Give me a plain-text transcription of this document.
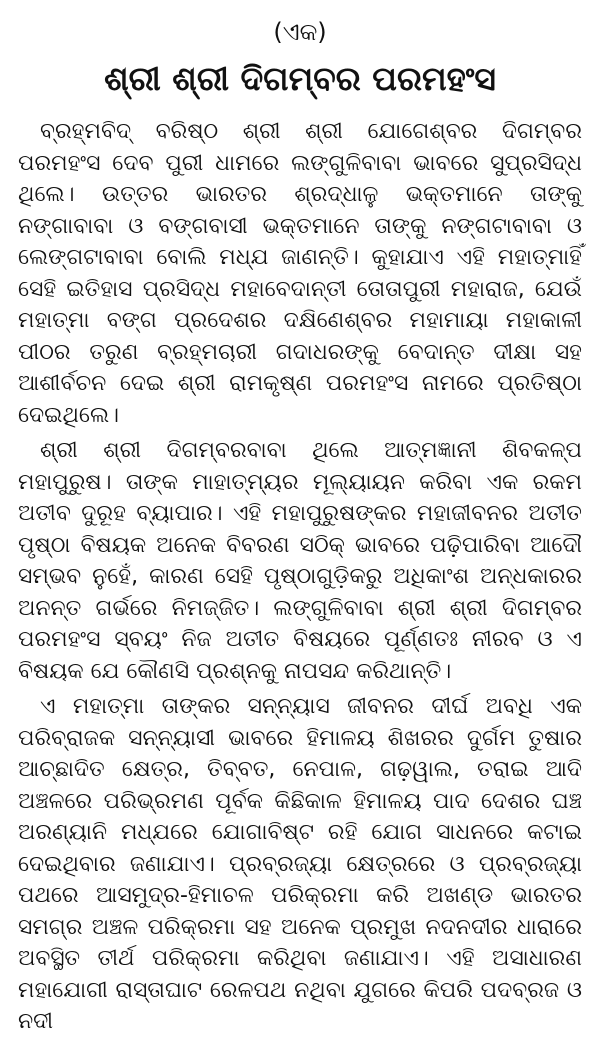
(ଏକ)
ଶ୍ରୀ ଶ୍ରୀ ଦିଗମ୍ବର ପରମହଂସ

ବ୍ରହ୍ମବିଦ୍ ବରିଷ୍ଠ ଶ୍ରୀ ଶ୍ରୀ ଯୋଗେଶ୍ବର ଦିଗମ୍ବର ପରମହଂସ ଦେବ ପୁରୀ ଧାମରେ ଲଙ୍ଗୁଳିବାବା ଭାବରେ ସୁପ୍ରସିଦ୍ଧ ଥିଲେ। ଉତ୍ତର ଭାରତର ଶ୍ରଦ୍ଧାଳୁ ଭକ୍ତମାନେ ତାଙ୍କୁ ନଙ୍ଗାବାବା ଓ ବଙ୍ଗବାସୀ ଭକ୍ତମାନେ ତାଙ୍କୁ ନଙ୍ଗଟାବାବା ଓ ଲେଙ୍ଗଟାବାବା ବୋଲି ମଧ୍ଯ ଜାଣନ୍ତି। କୁହାଯାଏ ଏହି ମହାତ୍ମାହିଁ ସେହି ଇତିହାସ ପ୍ରସିଦ୍ଧ ମହାବେଦାନ୍ତୀ ତୋତାପୁରୀ ମହାରାଜ, ଯେଉଁ ମହାତ୍ମା ବଙ୍ଗ ପ୍ରଦେଶର ଦକ୍ଷିଣେଶ୍ବର ମହାମାୟା ମହାକାଳୀ ପୀଠର ତରୁଣ ବ୍ରହ୍ମଚାରୀ ଗଦାଧରଙ୍କୁ ବେଦାନ୍ତ ଦୀକ୍ଷା ସହ ଆଶୀର୍ବଚନ ଦେଇ ଶ୍ରୀ ରାମକୃଷ୍ଣ ପରମହଂସ ନାମରେ ପ୍ରତିଷ୍ଠା ଦେଇଥିଲେ।

ଶ୍ରୀ ଶ୍ରୀ ଦିଗମ୍ବରବାବା ଥିଲେ ଆତ୍ମଜ୍ଞାନୀ ଶିବକଳ୍ପ ମହାପୁରୁଷ। ତାଙ୍କ ମାହାତ୍ମ୍ୟର ମୂଲ୍ୟାୟନ କରିବା ଏକ ରକମ ଅତୀବ ଦୁରୂହ ବ୍ୟାପାର। ଏହି ମହାପୁରୁଷଙ୍କର ମହାଜୀବନର ଅତୀତ ପୃଷ୍ଠା ବିଷୟକ ଅନେକ ବିବରଣ ସଠିକ୍ ଭାବରେ ପଢ଼ିପାରିବା ଆଦୌ ସମ୍ଭବ ନୁହେଁ, କାରଣ ସେହି ପୃଷ୍ଠାଗୁଡ଼ିକରୁ ଅଧିକାଂଶ ଅନ୍ଧକାରର ଅନନ୍ତ ଗର୍ଭରେ ନିମଜ୍ଜିତ। ଲଙ୍ଗୁଳିବାବା ଶ୍ରୀ ଶ୍ରୀ ଦିଗମ୍ବର ପରମହଂସ ସ୍ବୟଂ ନିଜ ଅତୀତ ବିଷୟରେ ପୂର୍ଣ୍ଣତଃ ନୀରବ ଓ ଏ ବିଷୟକ ଯେ କୌଣସି ପ୍ରଶ୍ନକୁ ନାପସନ୍ଦ କରିଥାନ୍ତି।

ଏ ମହାତ୍ମା ତାଙ୍କର ସନ୍ନ୍ୟାସ ଜୀବନର ଦୀର୍ଘ ଅବଧି ଏକ ପରିବ୍ରାଜକ ସନ୍ନ୍ୟାସୀ ଭାବରେ ହିମାଳୟ ଶିଖରର ଦୁର୍ଗମ ତୁଷାର ଆଚ୍ଛାଦିତ କ୍ଷେତ୍ର, ତିବ୍ବତ, ନେପାଳ, ଗଢ଼ୱାଲ, ତରାଇ ଆଦି ଅଞ୍ଚଳରେ ପରିଭ୍ରମଣ ପୂର୍ବକ କିଛିକାଳ ହିମାଳୟ ପାଦ ଦେଶର ଘଞ୍ଚ ଅରଣ୍ୟାନି ମଧ୍ଯରେ ଯୋଗାବିଷ୍ଟ ରହି ଯୋଗ ସାଧନରେ କଟାଇ ଦେଇଥିବାର ଜଣାଯାଏ। ପ୍ରବ୍ରଜ୍ୟା କ୍ଷେତ୍ରରେ ଓ ପ୍ରବ୍ରଜ୍ୟା ପଥରେ ଆସମୁଦ୍ର-ହିମାଚଳ ପରିକ୍ରମା କରି ଅଖଣ୍ଡ ଭାରତର ସମଗ୍ର ଅଞ୍ଚଳ ପରିକ୍ରମା ସହ ଅନେକ ପ୍ରମୁଖ ନଦନଦୀର ଧାରାରେ ଅବସ୍ଥିତ ତୀର୍ଥ ପରିକ୍ରମା କରିଥିବା ଜଣାଯାଏ। ଏହି ଅସାଧାରଣ ମହାଯୋଗୀ ରାସ୍ତାଘାଟ ରେଳପଥ ନଥିବା ଯୁଗରେ କିପରି ପଦବ୍ରଜ ଓ ନଦୀ
